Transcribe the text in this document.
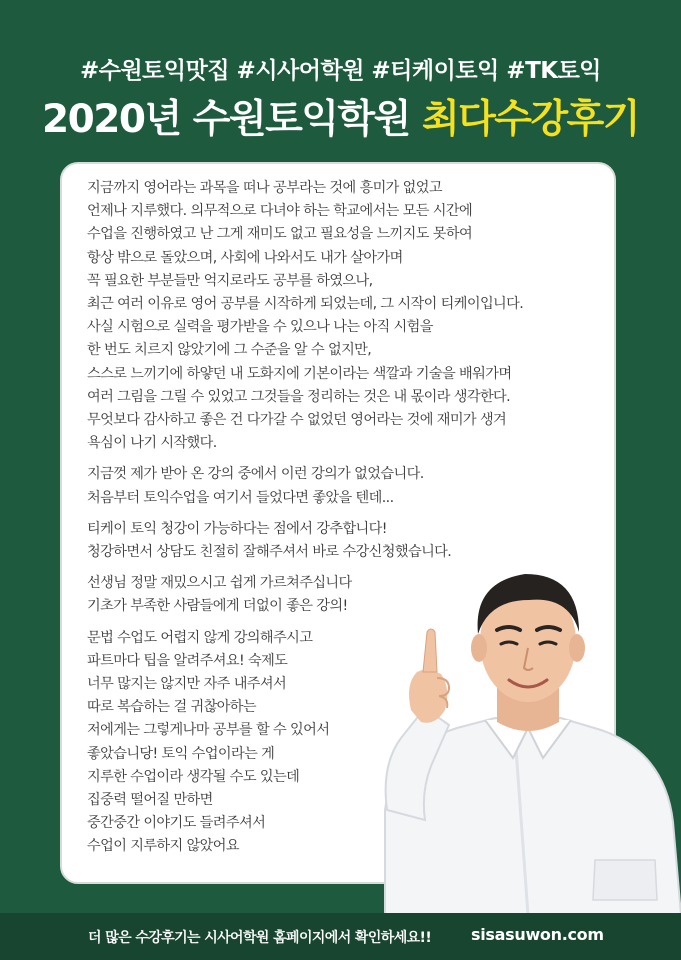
#수원토익맛집 #시사어학원 #티케이토익 #TK토익
2020년 수원토익학원 최다수강후기
지금까지 영어라는 과목을 떠나 공부라는 것에 흥미가 없었고
언제나 지루했다. 의무적으로 다녀야 하는 학교에서는 모든 시간에
수업을 진행하였고 난 그게 재미도 없고 필요성을 느끼지도 못하여
항상 밖으로 돌았으며, 사회에 나와서도 내가 살아가며
꼭 필요한 부분들만 억지로라도 공부를 하였으나,
최근 여러 이유로 영어 공부를 시작하게 되었는데, 그 시작이 티케이입니다.
사실 시험으로 실력을 평가받을 수 있으나 나는 아직 시험을
한 번도 치르지 않았기에 그 수준을 알 수 없지만,
스스로 느끼기에 하얗던 내 도화지에 기본이라는 색깔과 기술을 배워가며
여러 그림을 그릴 수 있었고 그것들을 정리하는 것은 내 몫이라 생각한다.
무엇보다 감사하고 좋은 건 다가갈 수 없었던 영어라는 것에 재미가 생겨
욕심이 나기 시작했다.
지금껏 제가 받아 온 강의 중에서 이런 강의가 없었습니다.
처음부터 토익수업을 여기서 들었다면 좋았을 텐데...
티케이 토익 청강이 가능하다는 점에서 강추합니다!
청강하면서 상담도 친절히 잘해주셔서 바로 수강신청했습니다.
선생님 정말 재밌으시고 쉽게 가르쳐주십니다
기초가 부족한 사람들에게 더없이 좋은 강의!
문법 수업도 어렵지 않게 강의해주시고
파트마다 팁을 알려주셔요! 숙제도
너무 많지는 않지만 자주 내주셔서
따로 복습하는 걸 귀찮아하는
저에게는 그렇게나마 공부를 할 수 있어서
좋았습니당! 토익 수업이라는 게
지루한 수업이라 생각될 수도 있는데
집중력 떨어질 만하면
중간중간 이야기도 들려주셔서
수업이 지루하지 않았어요
더 많은 수강후기는 시사어학원 홈페이지에서 확인하세요!! sisasuwon.com
